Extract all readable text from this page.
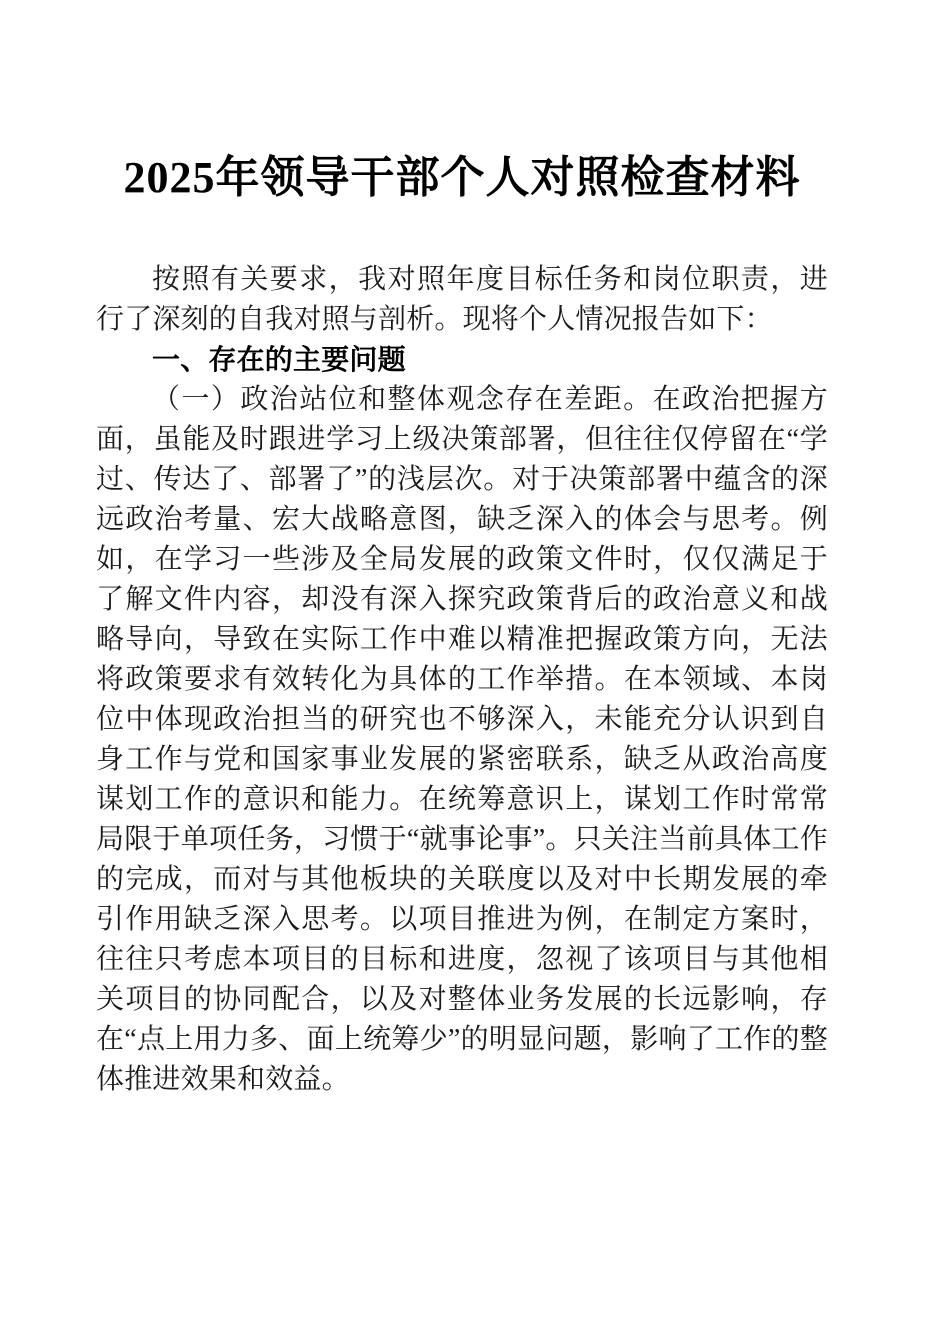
2025年领导干部个人对照检查材料

按照有关要求，我对照年度目标任务和岗位职责，进行了深刻的自我对照与剖析。现将个人情况报告如下：

一、存在的主要问题

（一）政治站位和整体观念存在差距。在政治把握方面，虽能及时跟进学习上级决策部署，但往往仅停留在“学过、传达了、部署了”的浅层次。对于决策部署中蕴含的深远政治考量、宏大战略意图，缺乏深入的体会与思考。例如，在学习一些涉及全局发展的政策文件时，仅仅满足于了解文件内容，却没有深入探究政策背后的政治意义和战略导向，导致在实际工作中难以精准把握政策方向，无法将政策要求有效转化为具体的工作举措。在本领域、本岗位中体现政治担当的研究也不够深入，未能充分认识到自身工作与党和国家事业发展的紧密联系，缺乏从政治高度谋划工作的意识和能力。在统筹意识上，谋划工作时常常局限于单项任务，习惯于“就事论事”。只关注当前具体工作的完成，而对与其他板块的关联度以及对中长期发展的牵引作用缺乏深入思考。以项目推进为例，在制定方案时，往往只考虑本项目的目标和进度，忽视了该项目与其他相关项目的协同配合，以及对整体业务发展的长远影响，存在“点上用力多、面上统筹少”的明显问题，影响了工作的整体推进效果和效益。
